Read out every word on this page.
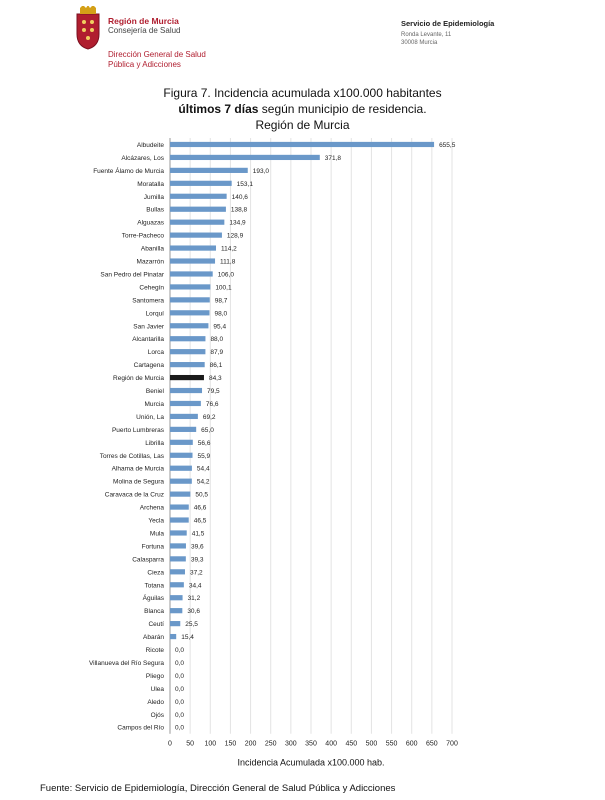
Región de Murcia
Consejería de Salud
Dirección General de Salud
Pública y Adicciones
Servicio de Epidemiología
Ronda Levante, 11
30008 Murcia
Figura 7. Incidencia acumulada x100.000 habitantes
últimos 7 días según municipio de residencia.
Región de Murcia
Albudeite	655,5
Alcázares, Los	371,8
Fuente Álamo de Murcia	193,0
Moratalla	153,1
Jumilla	140,6
Bullas	138,8
Alguazas	134,9
Torre-Pacheco	128,9
Abanilla	114,2
Mazarrón	111,8
San Pedro del Pinatar	106,0
Cehegín	100,1
Santomera	98,7
Lorquí	98,0
San Javier	95,4
Alcantarilla	88,0
Lorca	87,9
Cartagena	86,1
Región de Murcia	84,3
Beniel	79,5
Murcia	76,6
Unión, La	69,2
Puerto Lumbreras	65,0
Librilla	56,6
Torres de Cotillas, Las	55,9
Alhama de Murcia	54,4
Molina de Segura	54,2
Caravaca de la Cruz	50,5
Archena	46,6
Yecla	46,5
Mula	41,5
Fortuna	39,6
Calasparra	39,3
Cieza	37,2
Totana	34,4
Águilas	31,2
Blanca	30,6
Ceutí	25,5
Abarán	15,4
Ricote 0,0
Villanueva del Río Segura 0,0
Pliego 0,0
Ulea 0,0
Aledo 0,0
Ojós 0,0
Campos del Río 0,0
0 50 100 150 200 250 300 350 400 450 500 550 600 650 700
Incidencia Acumulada x100.000 hab.
Fuente: Servicio de Epidemiología, Dirección General de Salud Pública y Adicciones
